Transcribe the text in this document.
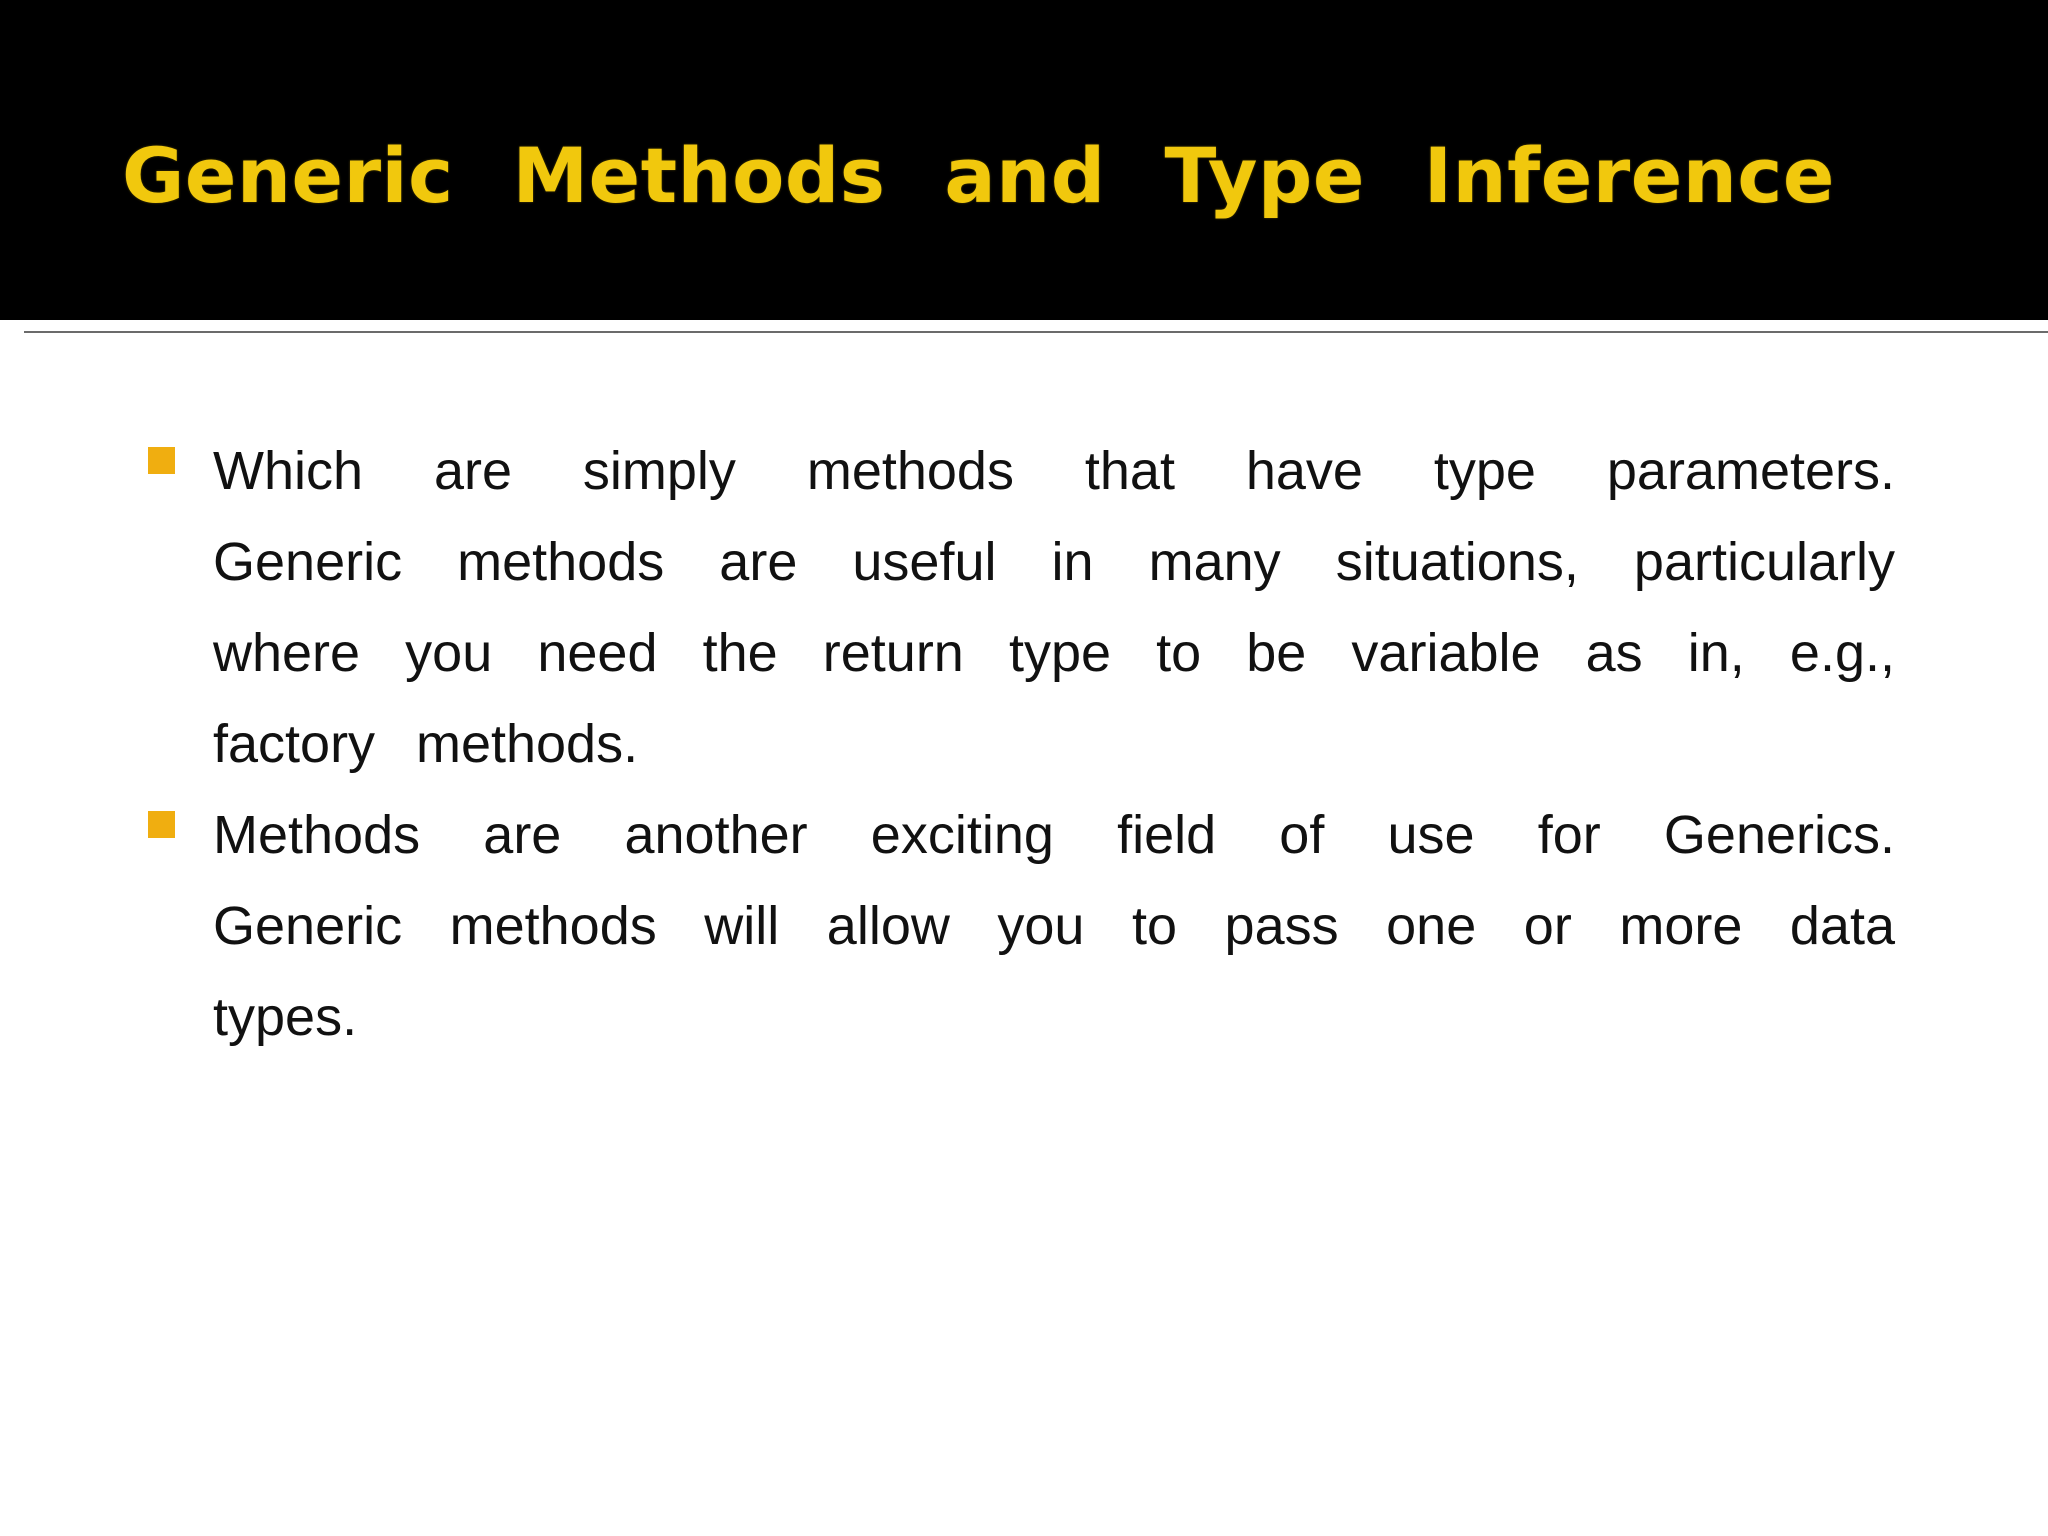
Generic Methods and Type Inference
Which are simply methods that have type parameters. Generic methods are useful in many situations, particularly where you need the return type to be variable as in, e.g., factory methods.
Methods are another exciting field of use for Generics. Generic methods will allow you to pass one or more data types.
